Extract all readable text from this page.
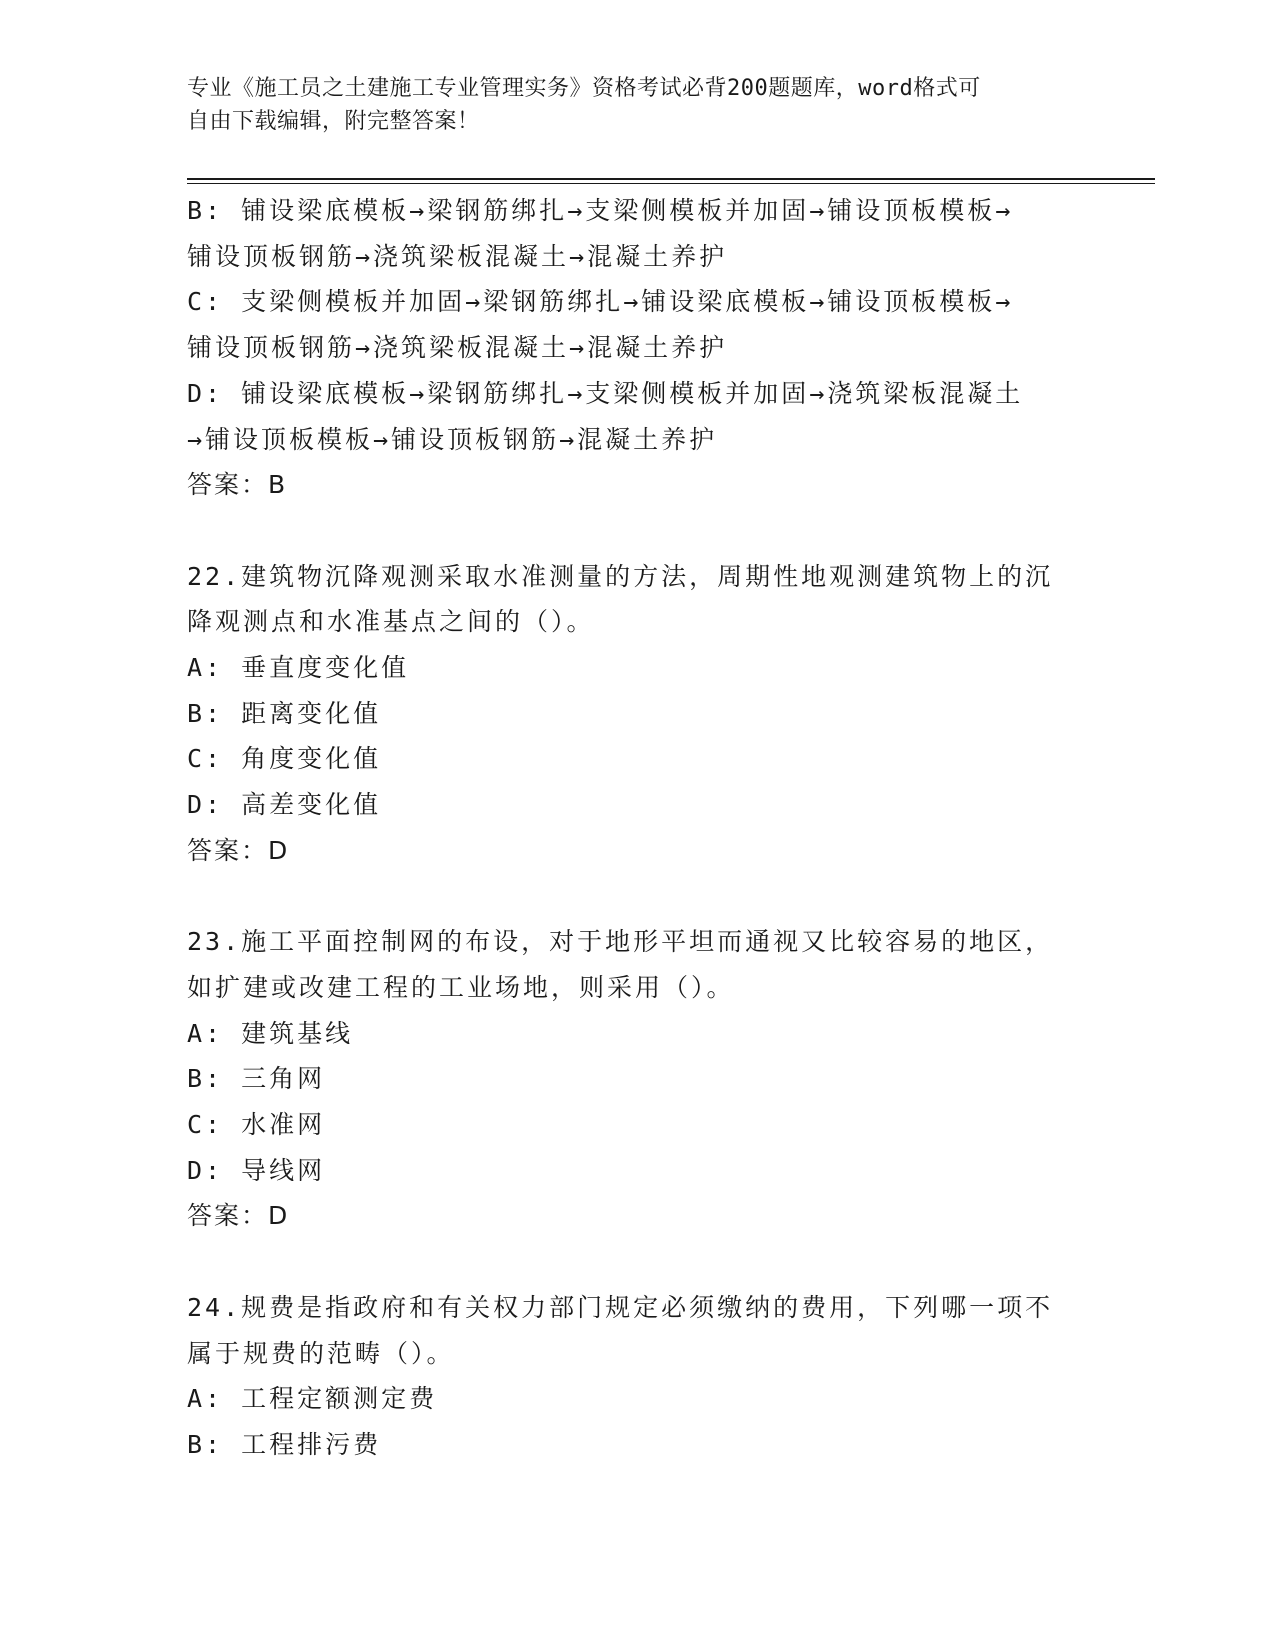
专业《施工员之土建施工专业管理实务》资格考试必背200题题库，word格式可
自由下载编辑，附完整答案！
B: 铺设梁底模板→梁钢筋绑扎→支梁侧模板并加固→铺设顶板模板→
铺设顶板钢筋→浇筑梁板混凝土→混凝土养护
C: 支梁侧模板并加固→梁钢筋绑扎→铺设梁底模板→铺设顶板模板→
铺设顶板钢筋→浇筑梁板混凝土→混凝土养护
D: 铺设梁底模板→梁钢筋绑扎→支梁侧模板并加固→浇筑梁板混凝土
→铺设顶板模板→铺设顶板钢筋→混凝土养护
答案：B
22.建筑物沉降观测采取水准测量的方法，周期性地观测建筑物上的沉
降观测点和水准基点之间的（）。
A: 垂直度变化值
B: 距离变化值
C: 角度变化值
D: 高差变化值
答案：D
23.施工平面控制网的布设，对于地形平坦而通视又比较容易的地区，
如扩建或改建工程的工业场地，则采用（）。
A: 建筑基线
B: 三角网
C: 水准网
D: 导线网
答案：D
24.规费是指政府和有关权力部门规定必须缴纳的费用，下列哪一项不
属于规费的范畴（）。
A: 工程定额测定费
B: 工程排污费
